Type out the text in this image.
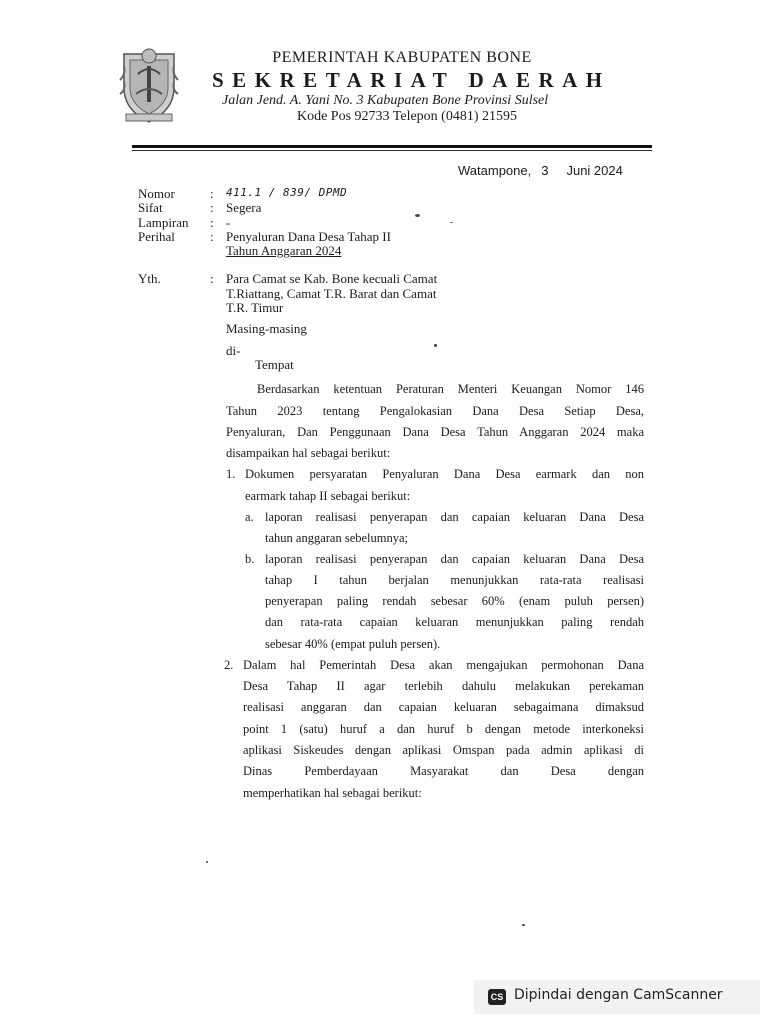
PEMERINTAH KABUPATEN BONE
SEKRETARIAT DAERAH
Jalan Jend. A. Yani No. 3 Kabupaten Bone Provinsi Sulsel
Kode Pos 92733 Telepon (0481) 21595
Watampone, 3 Juni 2024
Nomor	: 411.1 / 839/ DPMD
Sifat	: Segera
Lampiran : -
Perihal	: Penyaluran Dana Desa Tahap II
Tahun Anggaran 2024
Yth.	: Para Camat se Kab. Bone kecuali Camat
T.Riattang, Camat T.R. Barat dan Camat
T.R. Timur
Masing-masing
di-
Tempat
Berdasarkan ketentuan Peraturan Menteri Keuangan Nomor 146
Tahun 2023 tentang Pengalokasian Dana Desa Setiap Desa,
Penyaluran, Dan Penggunaan Dana Desa Tahun Anggaran 2024 maka
disampaikan hal sebagai berikut:
1. Dokumen persyaratan Penyaluran Dana Desa earmark dan non
earmark tahap II sebagai berikut:
a. laporan realisasi penyerapan dan capaian keluaran Dana Desa
tahun anggaran sebelumnya;
b. laporan realisasi penyerapan dan capaian keluaran Dana Desa
tahap I tahun berjalan menunjukkan rata-rata realisasi
penyerapan paling rendah sebesar 60% (enam puluh persen)
dan rata-rata capaian keluaran menunjukkan paling rendah
sebesar 40% (empat puluh persen).
2. Dalam hal Pemerintah Desa akan mengajukan permohonan Dana
Desa Tahap II agar terlebih dahulu melakukan perekaman
realisasi anggaran dan capaian keluaran sebagaimana dimaksud
point 1 (satu) huruf a dan huruf b dengan metode interkoneksi
aplikasi Siskeudes dengan aplikasi Omspan pada admin aplikasi di
Dinas Pemberdayaan Masyarakat dan Desa dengan
memperhatikan hal sebagai berikut:
CS Dipindai dengan CamScanner
